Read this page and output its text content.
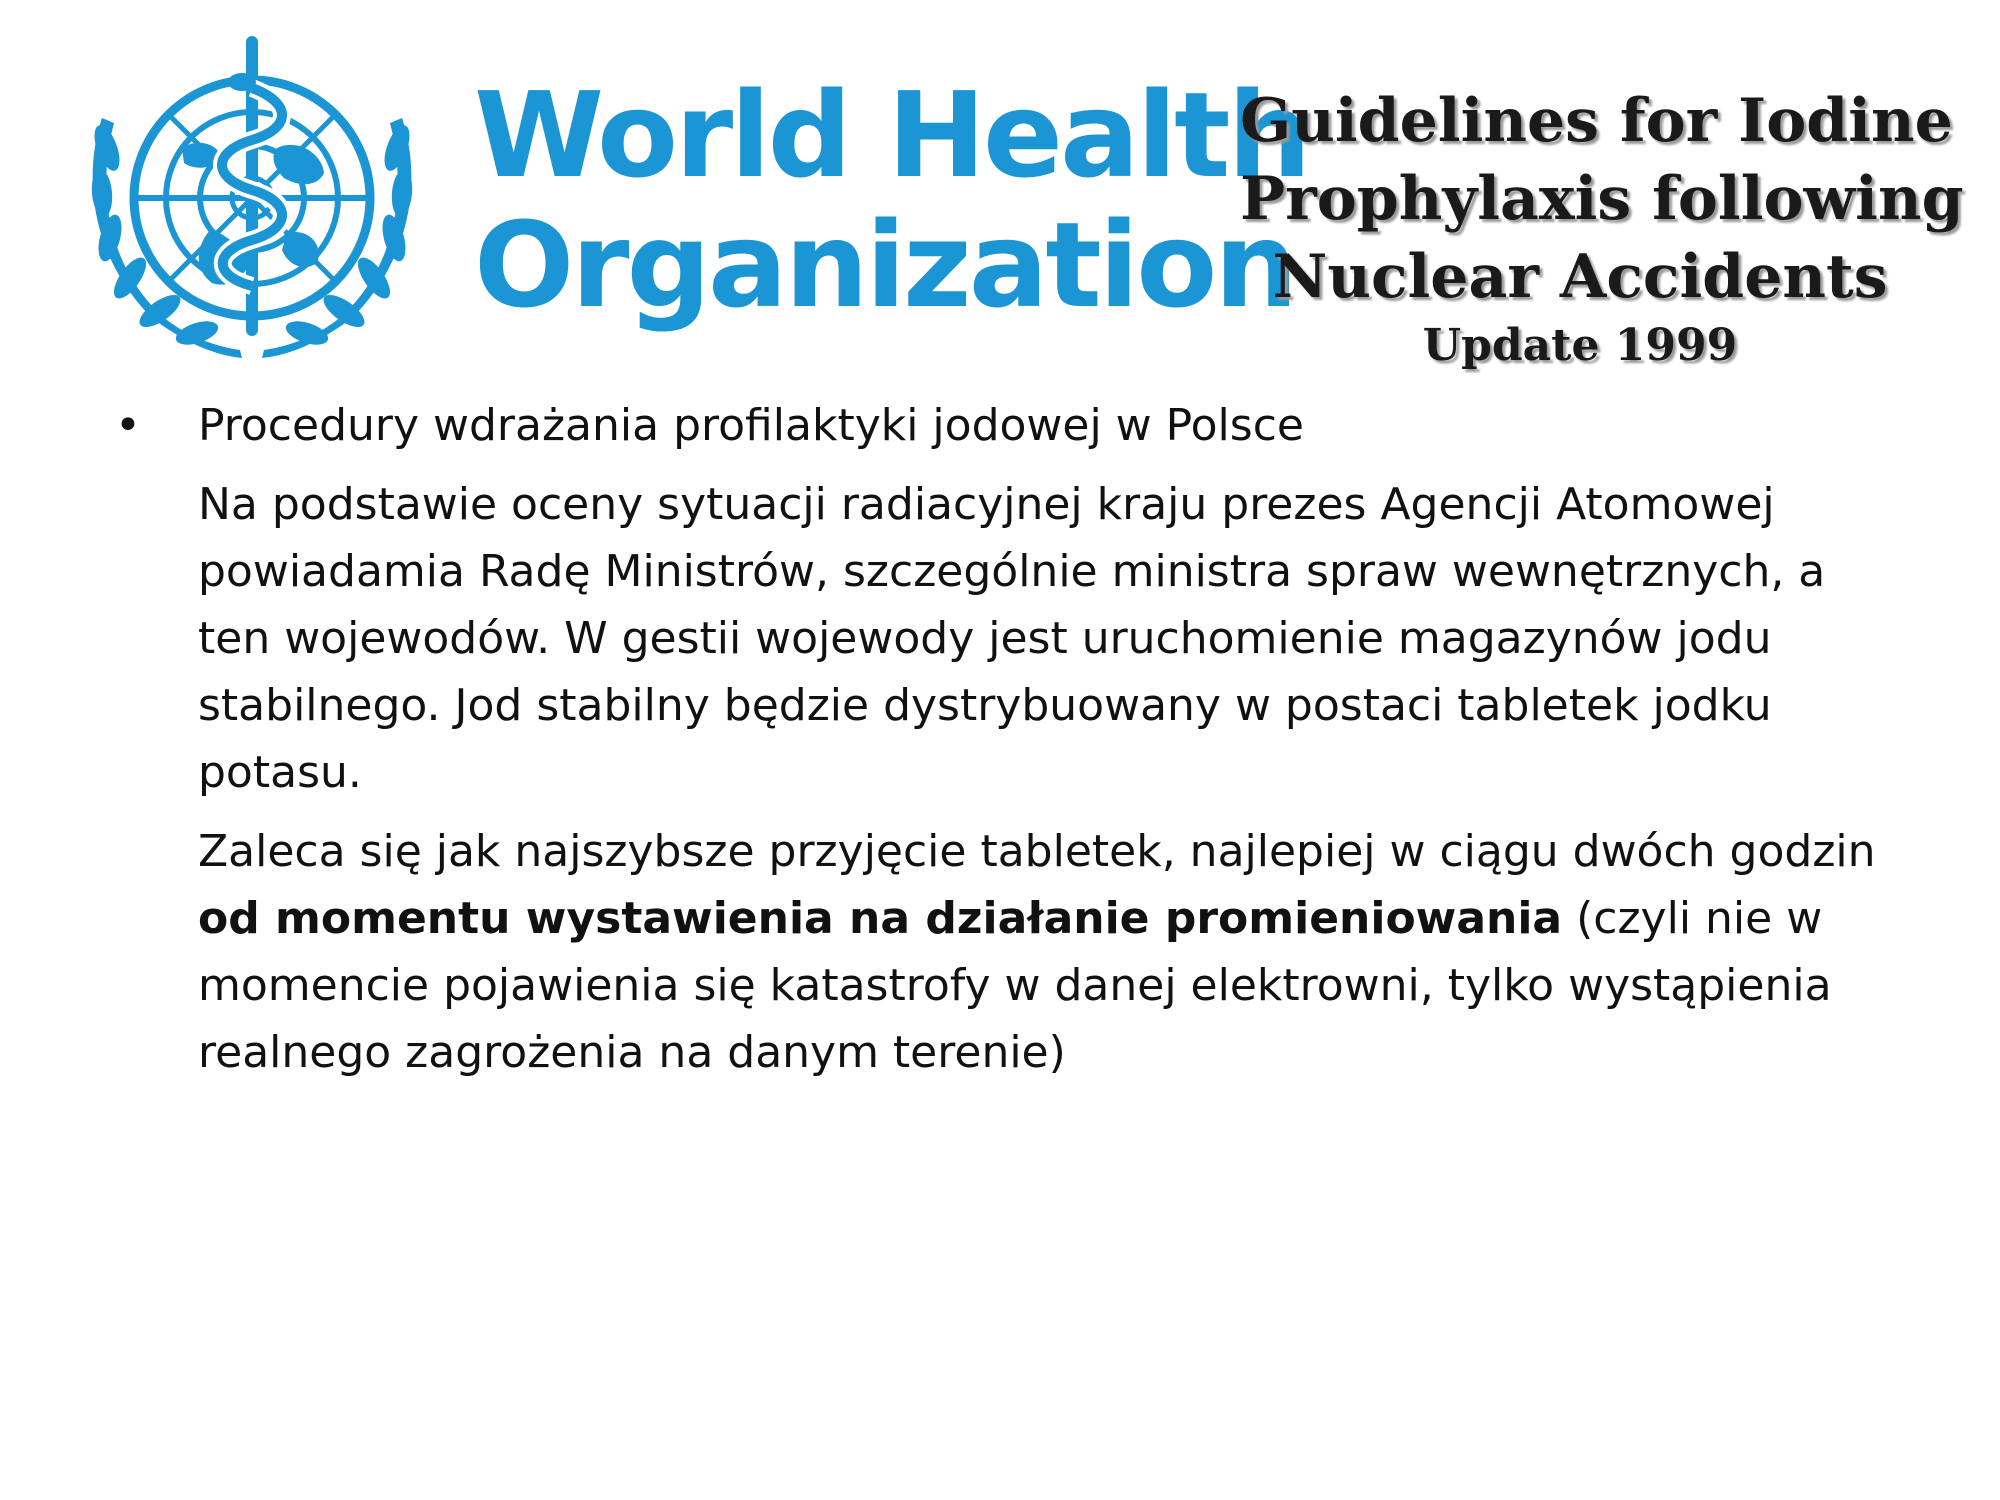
World Health
Organization
Guidelines for Iodine
Prophylaxis following
Nuclear Accidents
Update 1999
• Procedury wdrażania profilaktyki jodowej w Polsce
Na podstawie oceny sytuacji radiacyjnej kraju prezes Agencji Atomowej
powiadamia Radę Ministrów, szczególnie ministra spraw wewnętrznych, a
ten wojewodów. W gestii wojewody jest uruchomienie magazynów jodu
stabilnego. Jod stabilny będzie dystrybuowany w postaci tabletek jodku
potasu.
Zaleca się jak najszybsze przyjęcie tabletek, najlepiej w ciągu dwóch godzin
od momentu wystawienia na działanie promieniowania (czyli nie w
momencie pojawienia się katastrofy w danej elektrowni, tylko wystąpienia
realnego zagrożenia na danym terenie)
